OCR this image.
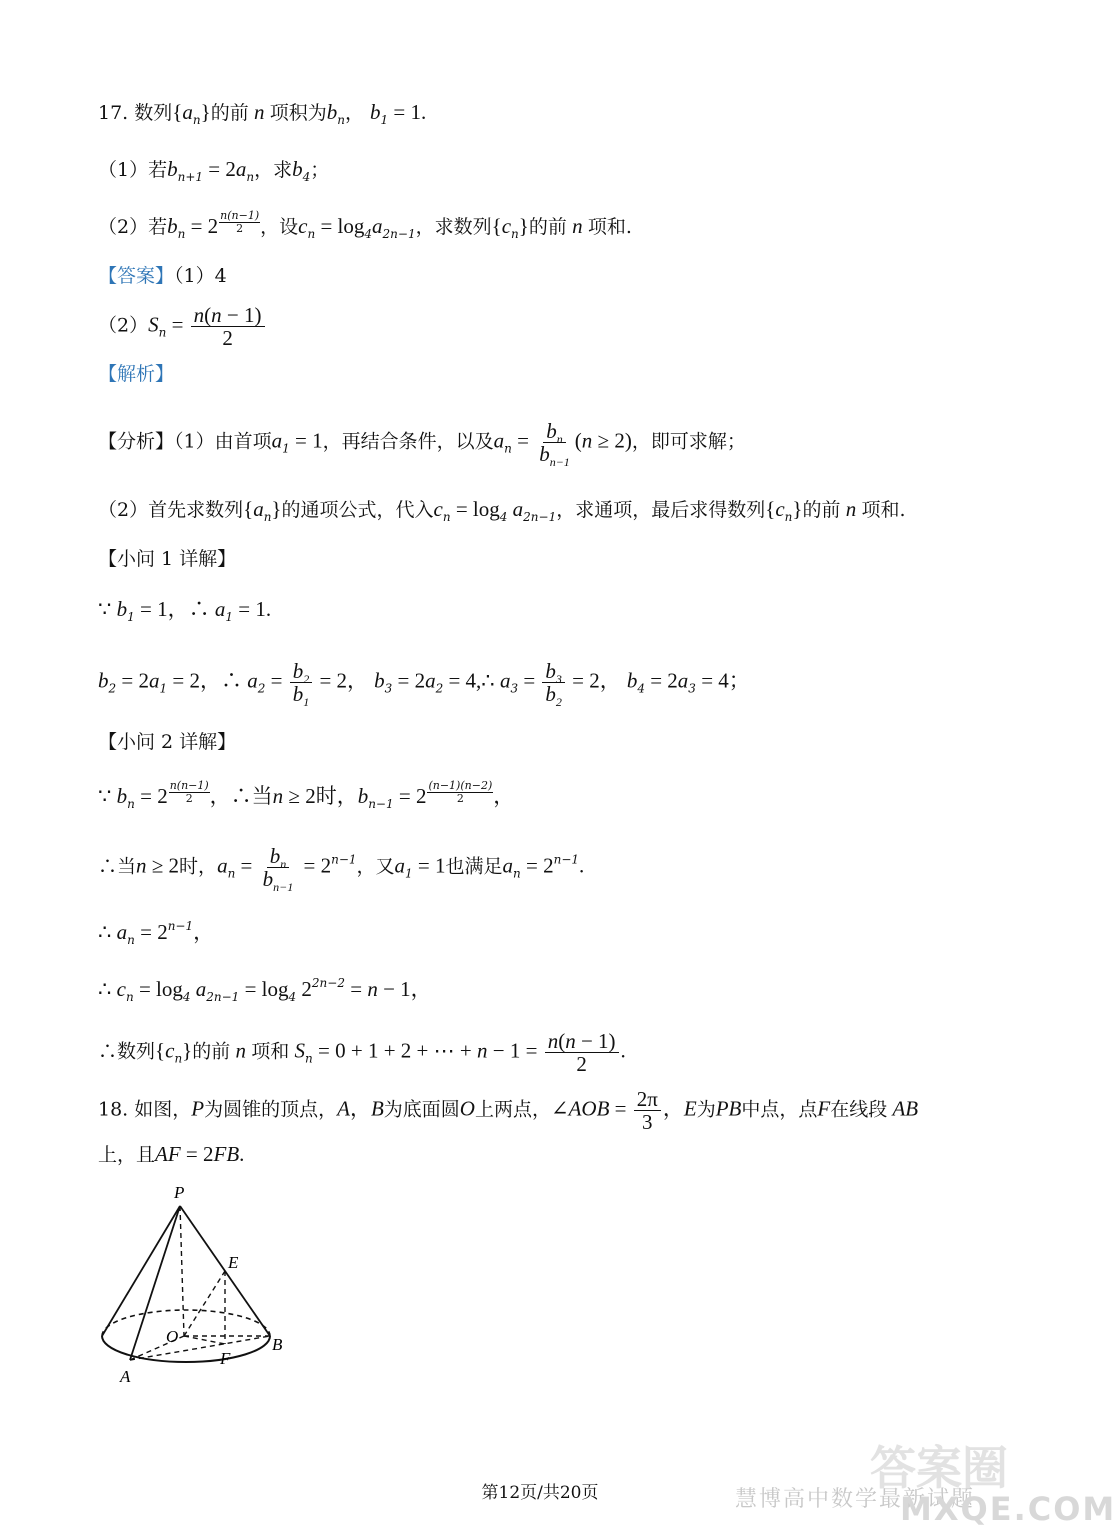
17. 数列$\{a_n\}$的前 n 项积为$b_n$， $b_1 = 1$.
（1）若$b_{n+1} = 2a_n$，求$b_4$；
（2）若$b_n = 2 \frac{n(n-1)}{2}$ ，设$c_n = \log_4a_{2n-1}$，求数列$\{c_n\}$的前 n 项和.
【答案】（1）4
$(2)S_n = \frac{n(n - 1)}{2}$
【解析】
【分析】（1）由首项$a_1 = 1$，再结合条件，以及$a_n = \frac{b_n}{b_{n-1}} (n \ge 2)$，即可求解；
（2）首先求数列$\{a_n\}$的通项公式，代入$c_n = \log_4 a_{2n-1}$，求通项，最后求得数列$\{c_n\}$的前 n 项和.
【小问 1 详解】
∵ $b_1 = 1$，∴ $a_1 = 1$.
$b_2 = 2a_1 = 2$，∴ $a_2 = \frac{b_2}{b_1} = 2$， $b_3 = 2a_2$ = 4,∴ $a_3 = \frac{b_3}{b_2} = 2$， $b_4 = 2a_3 = 4$；
【小问 2 详解】
∵ $b_n = 2 \frac{n(n-1)}{2}$ ，∴当n ≥ 2时，$b_{n-1} = 2 \frac{(n-1)(n-2)}{2}$ ，
∴当n ≥ 2时，$a_n = \frac{b_n}{b_{n-1}} = 2^{n-1}$，又$a_1 = 1$也满足$a_n = 2^{n-1}$.
∴ $a_n = 2^{n-1}$，
∴ $c_n = \log_4 a_{2n-1} = \log_4 2^{2n-2} = n - 1$，
∴数列$\{c_n\}$的前 n 项和 $S_n = 0 + 1 + 2$ + ⋯ + $n - 1 = \frac{n(n - 1)}{2}$ .
18. 如图，P为圆锥的顶点，A，B为底面圆O上两点，∠AOB = $\frac{2\pi}{3}$ ，E为PB中点，点F在线段 AB
上，且AF = 2FB.
P
E
O	B
F
A
答案圈
慧博高中数学最新试题
MXQE.COM
第12页/共20页
